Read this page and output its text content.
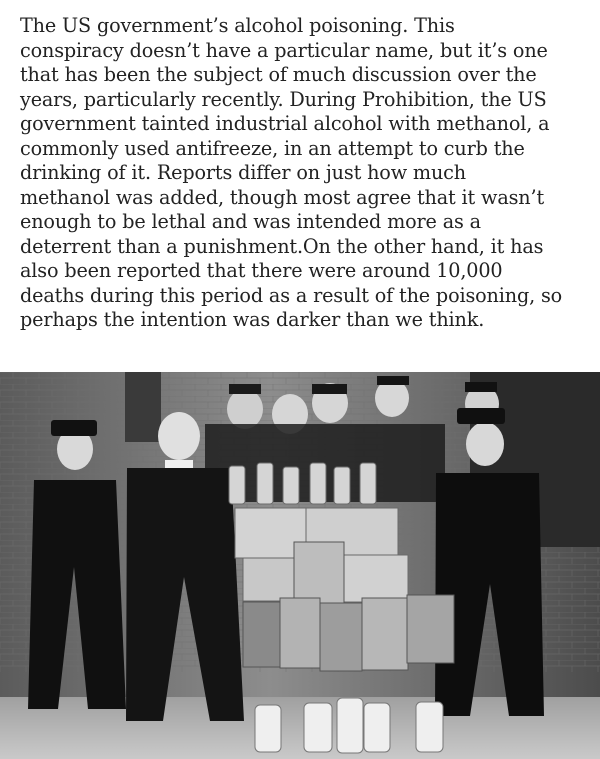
The US government’s alcohol poisoning. This
conspiracy doesn’t have a particular name, but it’s one
that has been the subject of much discussion over the
years, particularly recently. During Prohibition, the US
government tainted industrial alcohol with methanol, a
commonly used antifreeze, in an attempt to curb the
drinking of it. Reports differ on just how much
methanol was added, though most agree that it wasn’t
enough to be lethal and was intended more as a
deterrent than a punishment.On the other hand, it has
also been reported that there were around 10,000
deaths during this period as a result of the poisoning, so
perhaps the intention was darker than we think.
